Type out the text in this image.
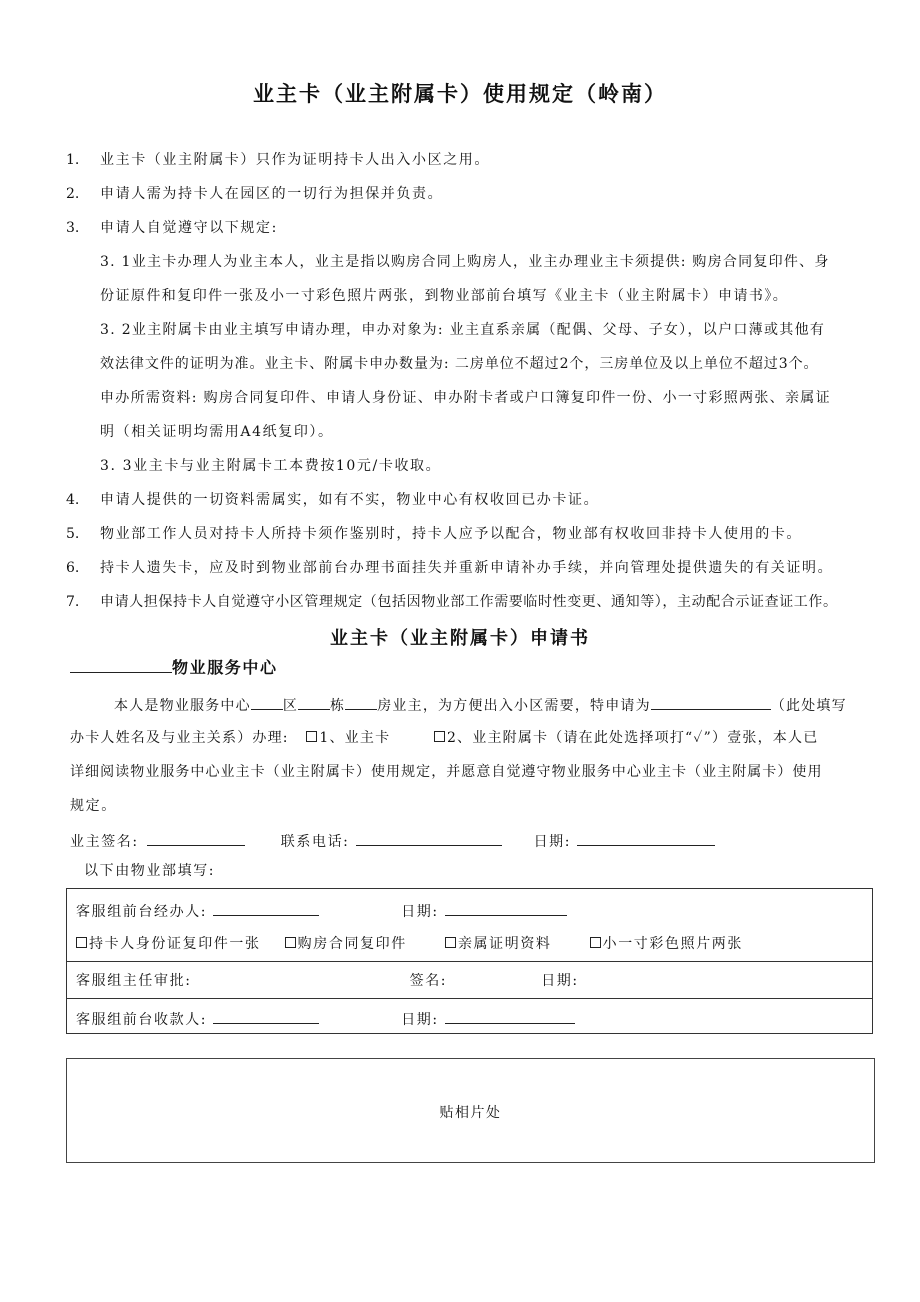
业主卡（业主附属卡）使用规定（岭南）
1. 业主卡（业主附属卡）只作为证明持卡人出入小区之用。
2. 申请人需为持卡人在园区的一切行为担保并负责。
3. 申请人自觉遵守以下规定:
3. 1业主卡办理人为业主本人，业主是指以购房合同上购房人，业主办理业主卡须提供: 购房合同复印件、身
份证原件和复印件一张及小一寸彩色照片两张，到物业部前台填写《业主卡（业主附属卡）申请书》。
3. 2业主附属卡由业主填写申请办理，申办对象为: 业主直系亲属（配偶、父母、子女），以户口薄或其他有
效法律文件的证明为准。业主卡、附属卡申办数量为: 二房单位不超过2个，三房单位及以上单位不超过3个。
申办所需资料: 购房合同复印件、申请人身份证、申办附卡者或户口簿复印件一份、小一寸彩照两张、亲属证
明（相关证明均需用A4纸复印）。
3. 3业主卡与业主附属卡工本费按10元/卡收取。
4. 申请人提供的一切资料需属实，如有不实，物业中心有权收回已办卡证。
5. 物业部工作人员对持卡人所持卡须作鉴别时，持卡人应予以配合，物业部有权收回非持卡人使用的卡。
6. 持卡人遗失卡，应及时到物业部前台办理书面挂失并重新申请补办手续，并向管理处提供遗失的有关证明。
7. 申请人担保持卡人自觉遵守小区管理规定（包括因物业部工作需要临时性变更、通知等），主动配合示证查证工作。
业主卡（业主附属卡）申请书
物业服务中心
本人是物业服务中心 区 栋 房业主，为方便出入小区需要，特申请为	（此处填写
办卡人姓名及与业主关系）办理: 1、业主卡	2、业主附属卡（请在此处选择项打“✓”）壹张，本人已
详细阅读物业服务中心业主卡（业主附属卡）使用规定，并愿意自觉遵守物业服务中心业主卡（业主附属卡）使用
规定。
业主签名:	联系电话:	日期:
以下由物业部填写:
客服组前台经办人:	日期:
持卡人身份证复印件一张	购房合同复印件	亲属证明资料	小一寸彩色照片两张
客服组主任审批:	签名:	日期:
客服组前台收款人:	日期:
贴相片处
